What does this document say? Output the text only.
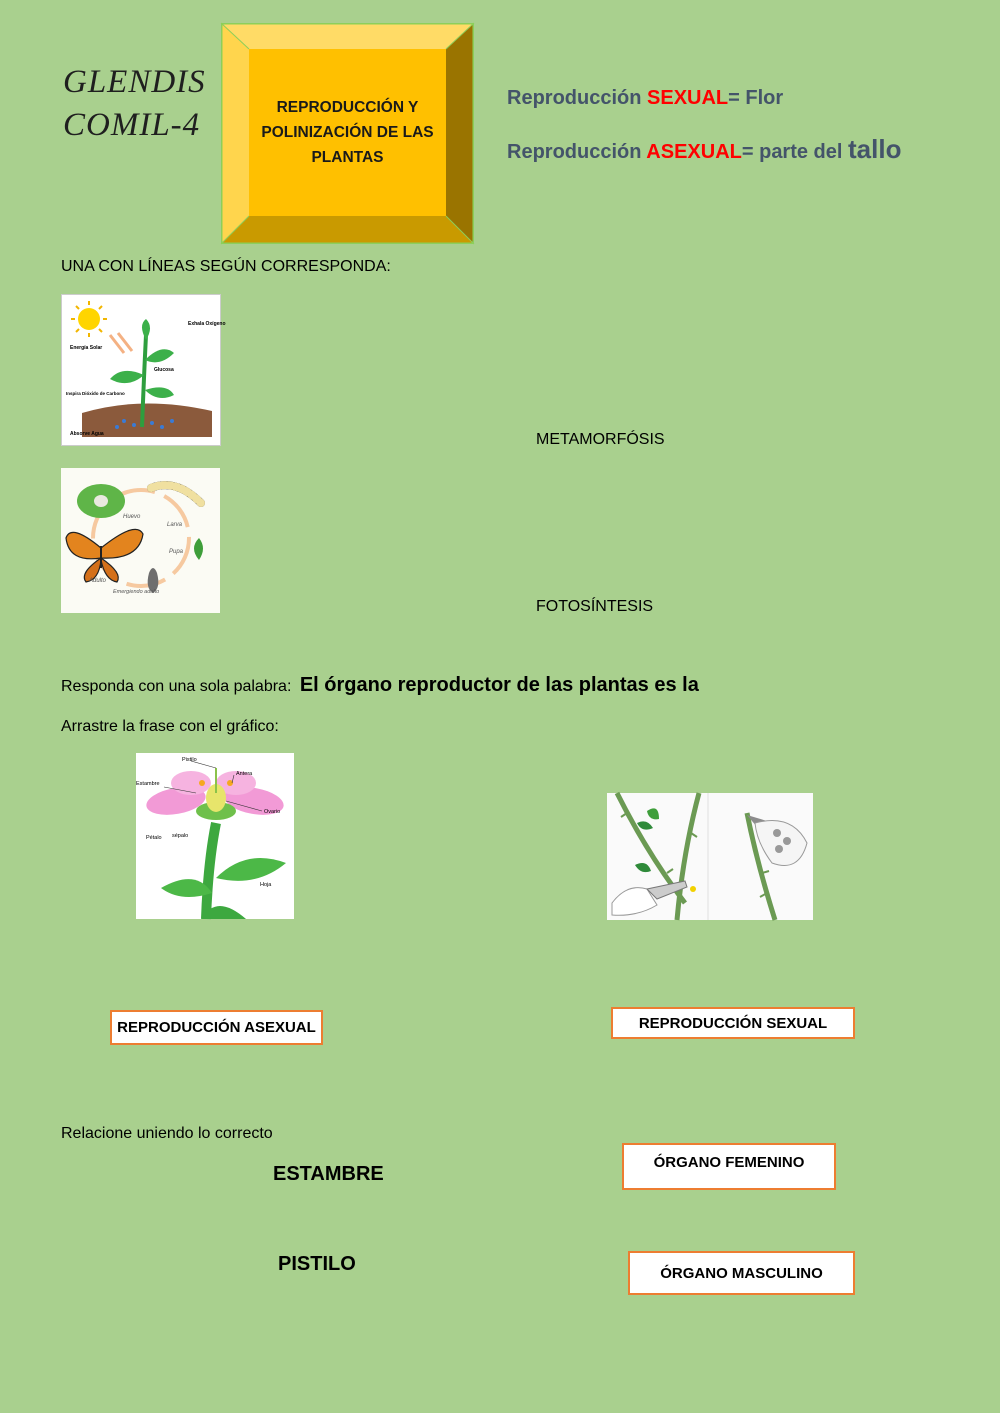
GLENDIS
COMIL-4	REPRODUCCIÓN Y POLINIZACIÓN DE LAS PLANTAS
Reproducción SEXUAL= Flor
Reproducción ASEXUAL= parte del tallo
UNA CON LÍNEAS SEGÚN CORRESPONDA:
Exhala Oxígeno
Energía Solar
Glucosa
Inspira Dióxido de Carbono
Absorve Agua	METAMORFÓSIS
Huevo
Larva
Pupa
Adulto
Emergiendo adulto
FOTOSÍNTESIS
Responda con una sola palabra: El órgano reproductor de las plantas es la
Arrastre la frase con el gráfico:
Pistilo
Antera
Estambre
Ovario
Pétalo sépalo
Hoja
REPRODUCCIÓN ASEXUAL	REPRODUCCIÓN SEXUAL
Relacione uniendo lo correcto
ESTAMBRE
PISTILO
ÓRGANO FEMENINO
ÓRGANO MASCULINO
